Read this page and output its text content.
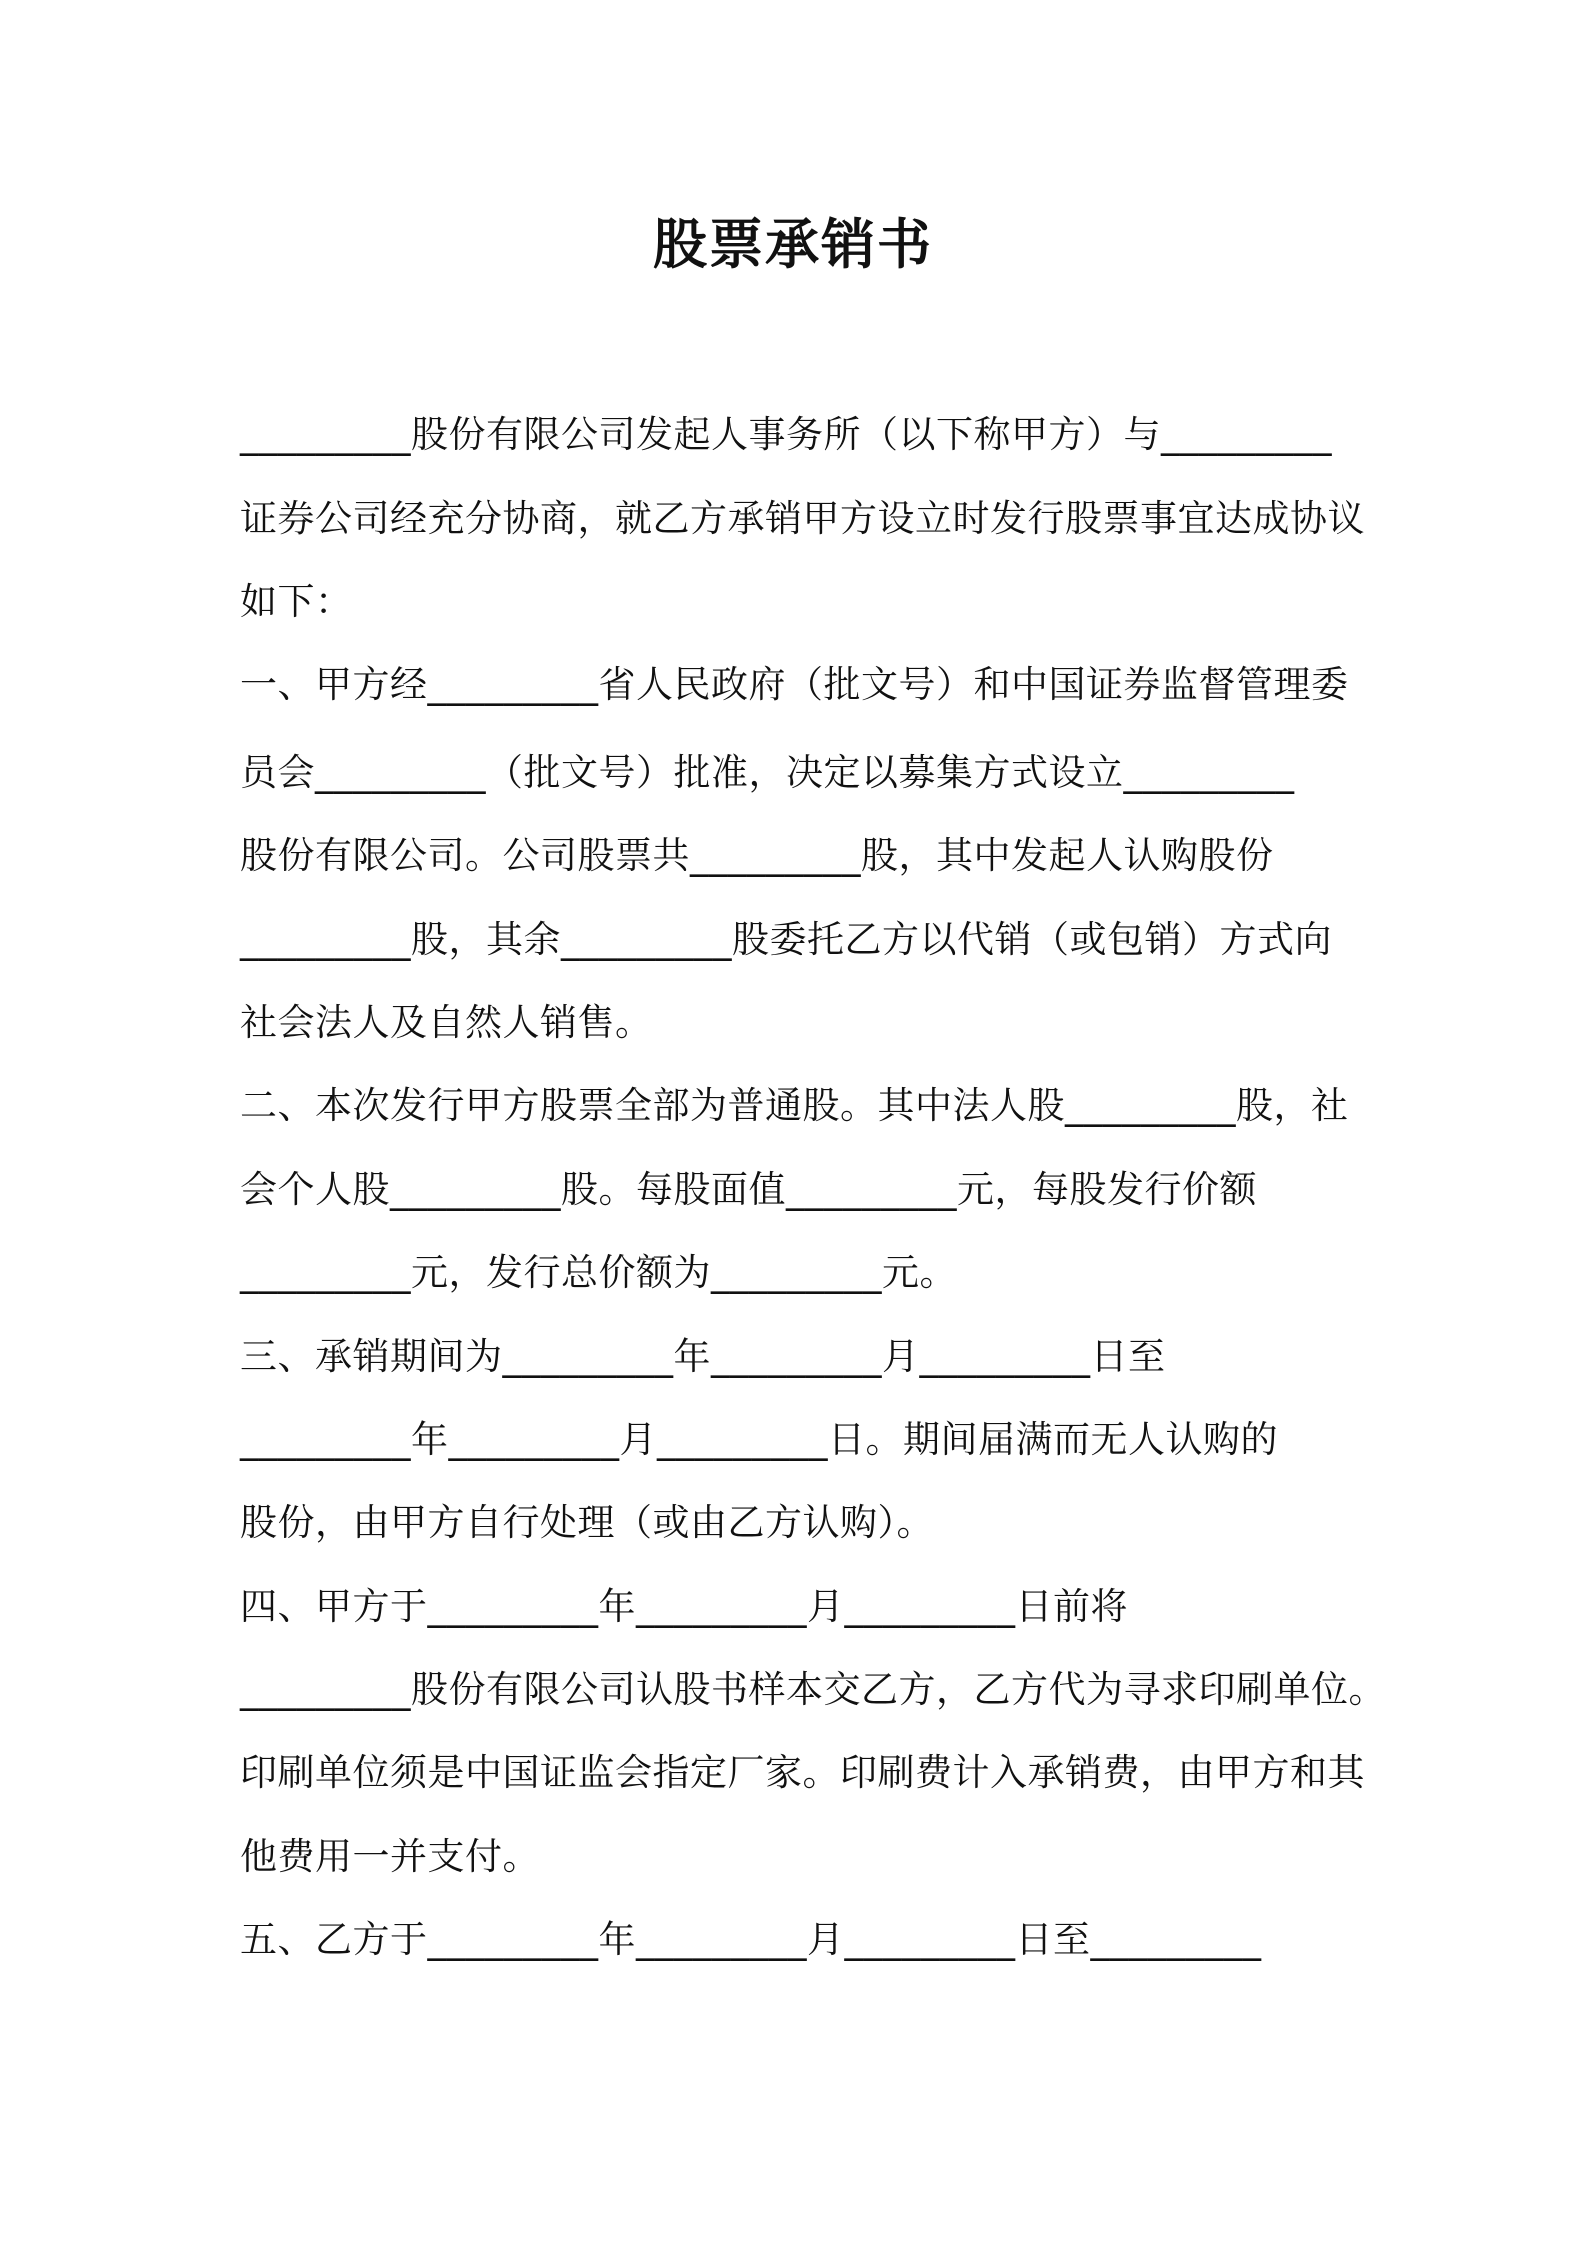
股票承销书

_________股份有限公司发起人事务所（以下称甲方）与_________

证券公司经充分协商，就乙方承销甲方设立时发行股票事宜达成协议

如下：

一、甲方经_________省人民政府（批文号）和中国证券监督管理委

员会_________（批文号）批准，决定以募集方式设立_________

股份有限公司。公司股票共_________股，其中发起人认购股份

_________股，其余_________股委托乙方以代销（或包销）方式向

社会法人及自然人销售。

二、本次发行甲方股票全部为普通股。其中法人股_________股，社

会个人股_________股。每股面值_________元，每股发行价额

_________元，发行总价额为_________元。

三、承销期间为_________年_________月_________日至

_________年_________月_________日。期间届满而无人认购的

股份，由甲方自行处理（或由乙方认购）。

四、甲方于_________年_________月_________日前将

_________股份有限公司认股书样本交乙方，乙方代为寻求印刷单位。

印刷单位须是中国证监会指定厂家。印刷费计入承销费，由甲方和其

他费用一并支付。

五、乙方于_________年_________月_________日至_________
